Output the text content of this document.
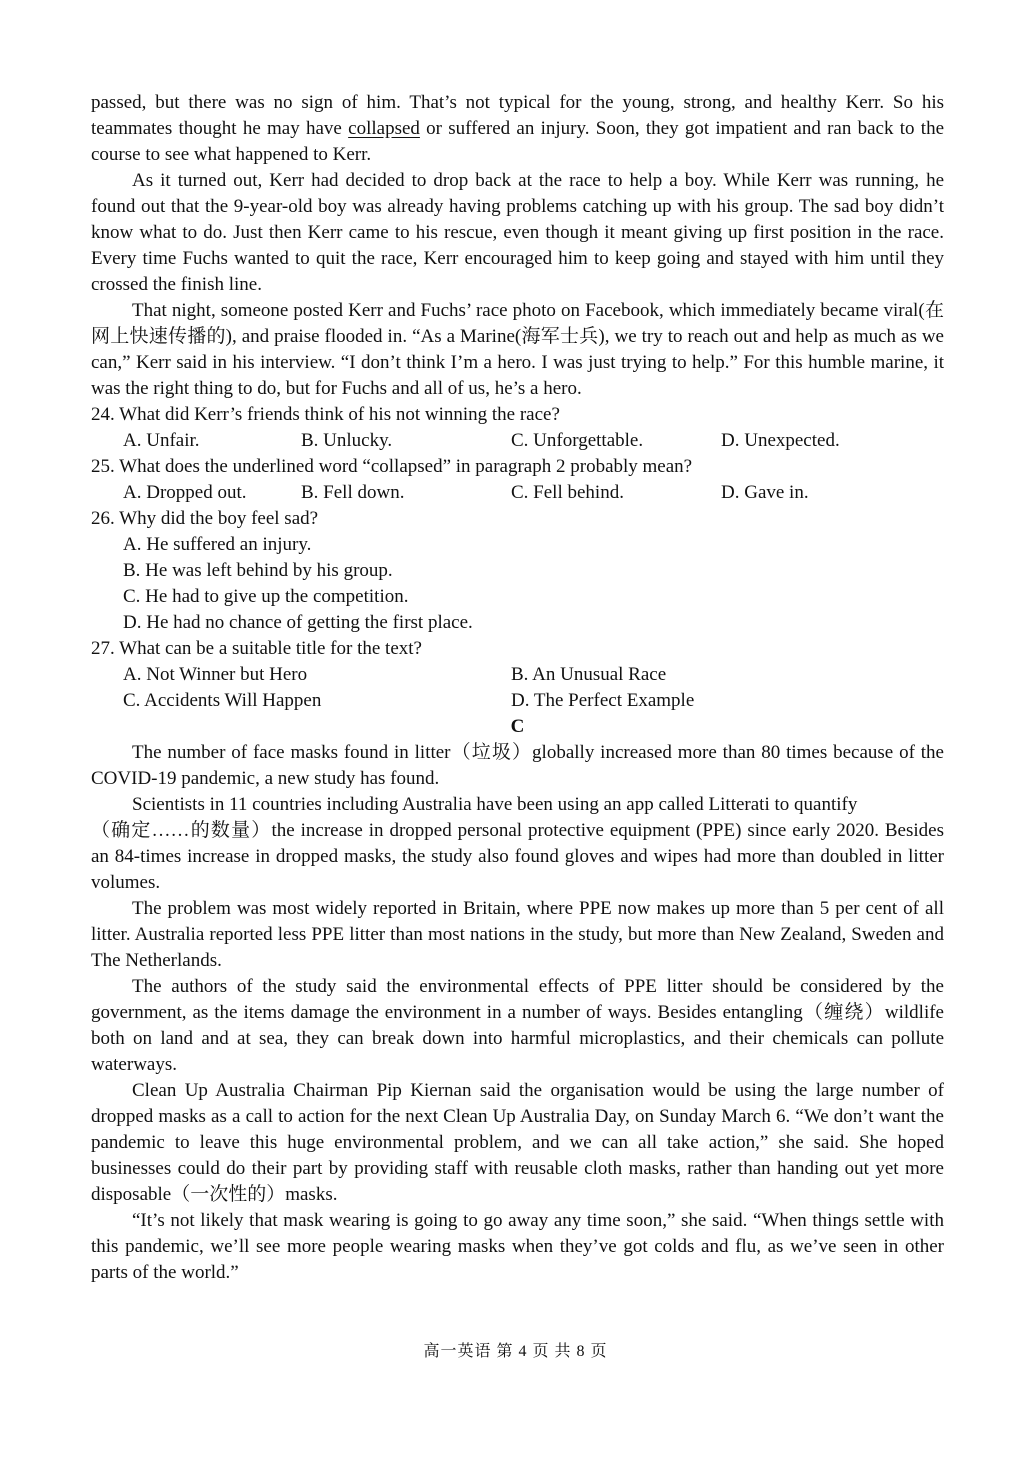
passed, but there was no sign of him. That’s not typical for the young, strong, and healthy Kerr. So his teammates thought he may have collapsed or suffered an injury. Soon, they got impatient and ran back to the course to see what happened to Kerr.

As it turned out, Kerr had decided to drop back at the race to help a boy. While Kerr was running, he found out that the 9-year-old boy was already having problems catching up with his group. The sad boy didn’t know what to do. Just then Kerr came to his rescue, even though it meant giving up first position in the race. Every time Fuchs wanted to quit the race, Kerr encouraged him to keep going and stayed with him until they crossed the finish line.

That night, someone posted Kerr and Fuchs’ race photo on Facebook, which immediately became viral(在网上快速传播的), and praise flooded in. “As a Marine(海军士兵), we try to reach out and help as much as we can,” Kerr said in his interview. “I don’t think I’m a hero. I was just trying to help.” For this humble marine, it was the right thing to do, but for Fuchs and all of us, he’s a hero.

24. What did Kerr’s friends think of his not winning the race?
A. Unfair.	B. Unlucky.	C. Unforgettable.	D. Unexpected.
25. What does the underlined word “collapsed” in paragraph 2 probably mean?
A. Dropped out.	B. Fell down.	C. Fell behind.	D. Gave in.
26. Why did the boy feel sad?
A. He suffered an injury.
B. He was left behind by his group.
C. He had to give up the competition.
D. He had no chance of getting the first place.
27. What can be a suitable title for the text?
A. Not Winner but Hero	B. An Unusual Race
C. Accidents Will Happen	D. The Perfect Example
C

The number of face masks found in litter（垃圾）globally increased more than 80 times because of the COVID-19 pandemic, a new study has found.

Scientists in 11 countries including Australia have been using an app called Litterati to quantify

（确定……的数量）the increase in dropped personal protective equipment (PPE) since early 2020. Besides an 84-times increase in dropped masks, the study also found gloves and wipes had more than doubled in litter volumes.

The problem was most widely reported in Britain, where PPE now makes up more than 5 per cent of all litter. Australia reported less PPE litter than most nations in the study, but more than New Zealand, Sweden and The Netherlands.

The authors of the study said the environmental effects of PPE litter should be considered by the government, as the items damage the environment in a number of ways. Besides entangling（缠绕）wildlife both on land and at sea, they can break down into harmful microplastics, and their chemicals can pollute waterways.

Clean Up Australia Chairman Pip Kiernan said the organisation would be using the large number of dropped masks as a call to action for the next Clean Up Australia Day, on Sunday March 6. “We don’t want the pandemic to leave this huge environmental problem, and we can all take action,” she said. She hoped businesses could do their part by providing staff with reusable cloth masks, rather than handing out yet more disposable（一次性的）masks.

“It’s not likely that mask wearing is going to go away any time soon,” she said. “When things settle with this pandemic, we’ll see more people wearing masks when they’ve got colds and flu, as we’ve seen in other parts of the world.”

高一英语 第 4 页 共 8 页
